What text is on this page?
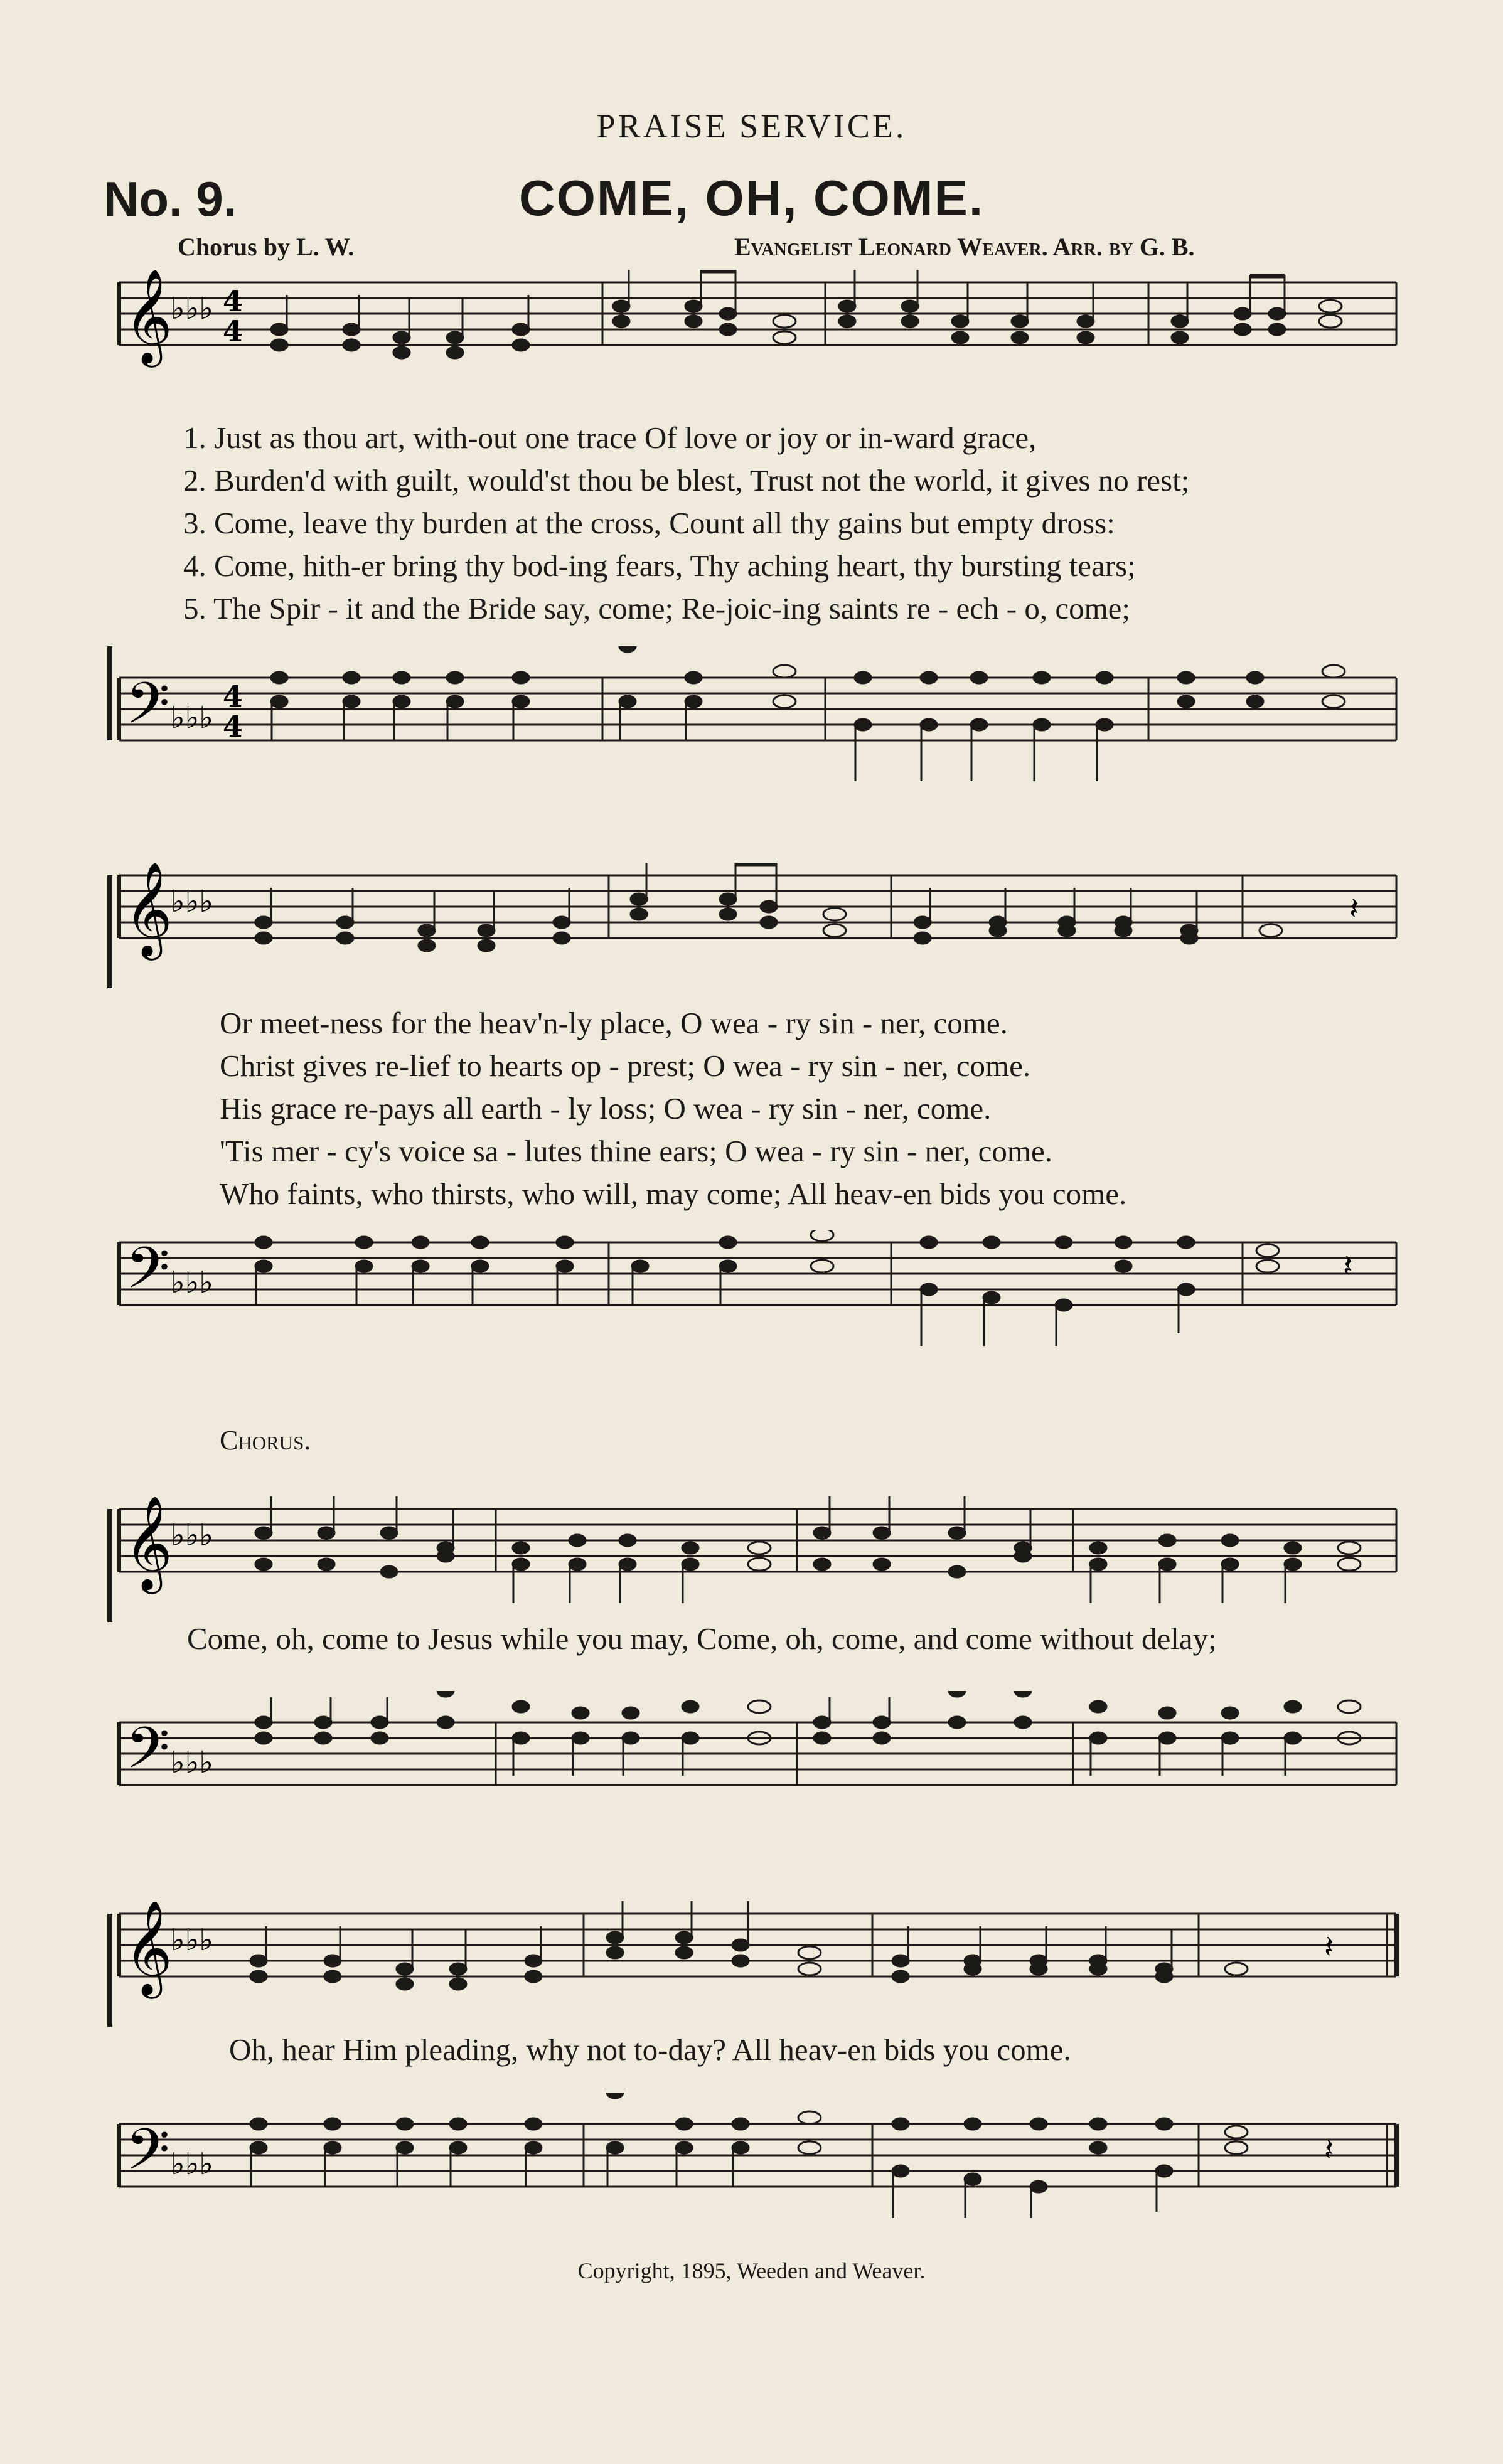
PRAISE SERVICE.
No. 9.	COME, OH, COME.
Chorus by L. W.	Evangelist Leonard Weaver. Arr. by G. B.
𝄞
♭♭♭ 4
4
1. Just as thou art, with-out one trace Of love or joy or in-ward grace,
2. Burden'd with guilt, would'st thou be blest, Trust not the world, it gives no rest;
3. Come, leave thy burden at the cross, Count all thy gains but empty dross:
4. Come, hith-er bring thy bod-ing fears, Thy aching heart, thy bursting tears;
5. The Spir - it and the Bride say, come; Re-joic-ing saints re - ech - o, come;
𝄢 ♭♭♭
4
4
𝄞
♭♭♭	𝄽
Or meet-ness for the heav'n-ly place, O wea - ry sin - ner, come.
Christ gives re-lief to hearts op - prest; O wea - ry sin - ner, come.
His grace re-pays all earth - ly loss; O wea - ry sin - ner, come.
'Tis mer - cy's voice sa - lutes thine ears; O wea - ry sin - ner, come.
Who faints, who thirsts, who will, may come; All heav-en bids you come.
𝄢 ♭♭♭	𝄽
Chorus.
𝄞
♭♭♭
Come, oh, come to Jesus while you may, Come, oh, come, and come without delay;
𝄢 ♭♭♭
𝄞
♭♭♭	𝄽
Oh, hear Him pleading, why not to-day? All heav-en bids you come.
𝄢 ♭♭♭	𝄽
Copyright, 1895, Weeden and Weaver.
